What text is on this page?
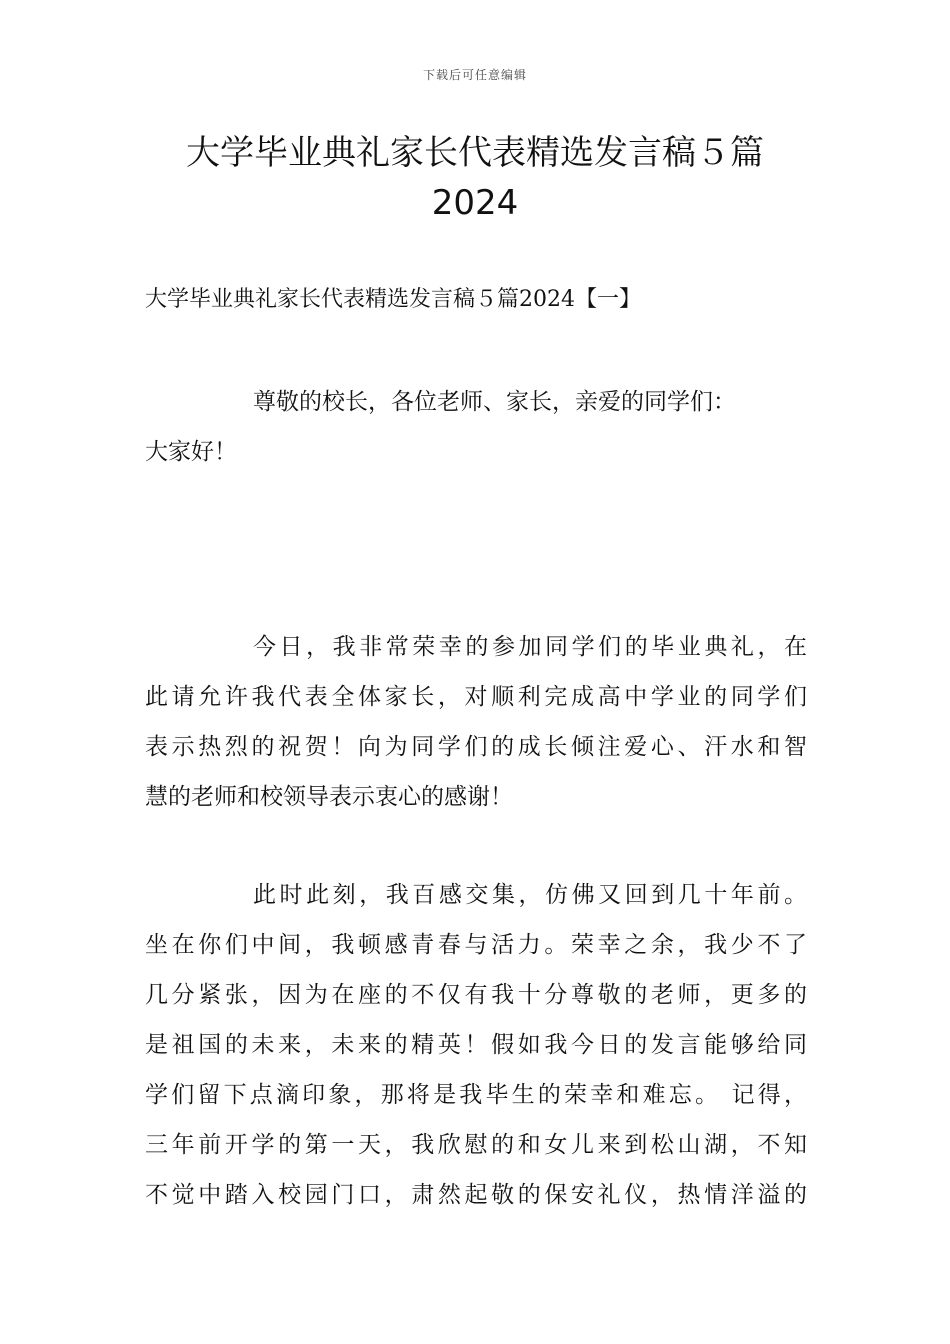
下载后可任意编辑
大学毕业典礼家长代表精选发言稿５篇
2024
大学毕业典礼家长代表精选发言稿５篇2024【一】

尊敬的校长，各位老师、家长，亲爱的同学们：
大家好！

今日，我非常荣幸的参加同学们的毕业典礼，在
此请允许我代表全体家长，对顺利完成高中学业的同学们
表示热烈的祝贺！向为同学们的成长倾注爱心、汗水和智
慧的老师和校领导表示衷心的感谢！

此时此刻，我百感交集，仿佛又回到几十年前。
坐在你们中间，我顿感青春与活力。荣幸之余，我少不了
几分紧张，因为在座的不仅有我十分尊敬的老师，更多的
是祖国的未来，未来的精英！假如我今日的发言能够给同
学们留下点滴印象，那将是我毕生的荣幸和难忘。 记得，
三年前开学的第一天，我欣慰的和女儿来到松山湖，不知
不觉中踏入校园门口，肃然起敬的保安礼仪，热情洋溢的
